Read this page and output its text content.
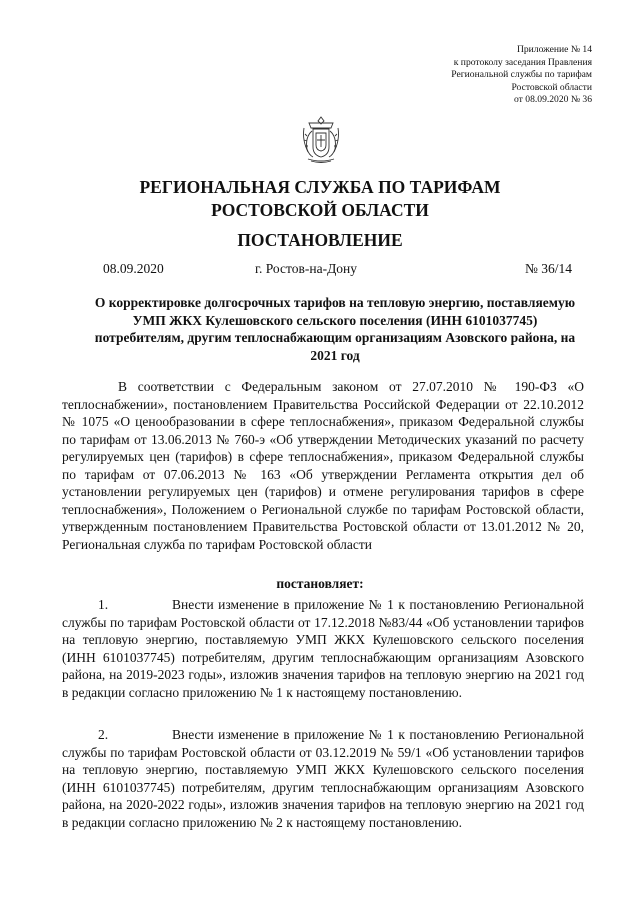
Приложение № 14
к протоколу заседания Правления
Региональной службы по тарифам
Ростовской области
от 08.09.2020 № 36
РЕГИОНАЛЬНАЯ СЛУЖБА ПО ТАРИФАМ
РОСТОВСКОЙ ОБЛАСТИ
ПОСТАНОВЛЕНИЕ
08.09.2020	г. Ростов-на-Дону	№ 36/14
О корректировке долгосрочных тарифов на тепловую энергию, поставляемую УМП ЖКХ Кулешовского сельского поселения (ИНН 6101037745) потребителям, другим теплоснабжающим организациям Азовского района, на 2021 год
В соответствии с Федеральным законом от 27.07.2010 № 190-ФЗ «О теплоснабжении», постановлением Правительства Российской Федерации от 22.10.2012 № 1075 «О ценообразовании в сфере теплоснабжения», приказом Федеральной службы по тарифам от 13.06.2013 № 760-э «Об утверждении Методических указаний по расчету регулируемых цен (тарифов) в сфере теплоснабжения», приказом Федеральной службы по тарифам от 07.06.2013 № 163 «Об утверждении Регламента открытия дел об установлении регулируемых цен (тарифов) и отмене регулирования тарифов в сфере теплоснабжения», Положением о Региональной службе по тарифам Ростовской области, утвержденным постановлением Правительства Ростовской области от 13.01.2012 № 20, Региональная служба по тарифам Ростовской области
постановляет:
1.	Внести изменение в приложение № 1 к постановлению Региональной службы по тарифам Ростовской области от 17.12.2018 №83/44 «Об установлении тарифов на тепловую энергию, поставляемую УМП ЖКХ Кулешовского сельского поселения (ИНН 6101037745) потребителям, другим теплоснабжающим организациям Азовского района, на 2019-2023 годы», изложив значения тарифов на тепловую энергию на 2021 год в редакции согласно приложению № 1 к настоящему постановлению.
2.	Внести изменение в приложение № 1 к постановлению Региональной службы по тарифам Ростовской области от 03.12.2019 № 59/1 «Об установлении тарифов на тепловую энергию, поставляемую УМП ЖКХ Кулешовского сельского поселения (ИНН 6101037745) потребителям, другим теплоснабжающим организациям Азовского района, на 2020-2022 годы», изложив значения тарифов на тепловую энергию на 2021 год в редакции согласно приложению № 2 к настоящему постановлению.
